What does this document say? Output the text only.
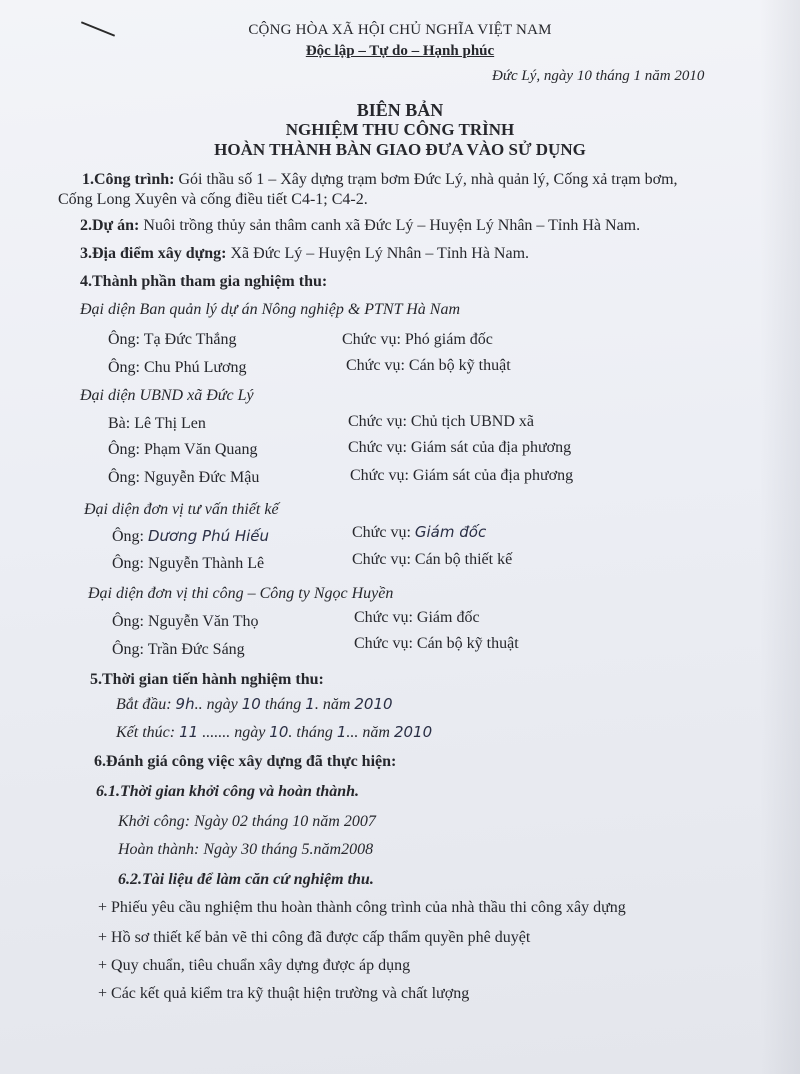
CỘNG HÒA XÃ HỘI CHỦ NGHĨA VIỆT NAM
Độc lập – Tự do – Hạnh phúc
Đức Lý, ngày 10 tháng 1 năm 2010
BIÊN BẢN
NGHIỆM THU CÔNG TRÌNH
HOÀN THÀNH BÀN GIAO ĐƯA VÀO SỬ DỤNG
1.Công trình: Gói thầu số 1 – Xây dựng trạm bơm Đức Lý, nhà quản lý, Cống xả trạm bơm,
Cống Long Xuyên và cống điều tiết C4-1; C4-2.
2.Dự án: Nuôi trồng thủy sản thâm canh xã Đức Lý – Huyện Lý Nhân – Tỉnh Hà Nam.
3.Địa điểm xây dựng: Xã Đức Lý – Huyện Lý Nhân – Tỉnh Hà Nam.
4.Thành phần tham gia nghiệm thu:
Đại diện Ban quản lý dự án Nông nghiệp & PTNT Hà Nam
Ông: Tạ Đức Thắng	Chức vụ: Phó giám đốc
Ông: Chu Phú Lương	Chức vụ: Cán bộ kỹ thuật
Đại diện UBND xã Đức Lý
Bà: Lê Thị Len	Chức vụ: Chủ tịch UBND xã
Ông: Phạm Văn Quang	Chức vụ: Giám sát của địa phương
Ông: Nguyễn Đức Mậu	Chức vụ: Giám sát của địa phương
Đại diện đơn vị tư vấn thiết kế
Ông: Dương Phú Hiếu	Chức vụ: Giám đốc
Ông: Nguyễn Thành Lê	Chức vụ: Cán bộ thiết kế
Đại diện đơn vị thi công – Công ty Ngọc Huyền
Ông: Nguyễn Văn Thọ	Chức vụ: Giám đốc
Ông: Trần Đức Sáng	Chức vụ: Cán bộ kỹ thuật
5.Thời gian tiến hành nghiệm thu:
Bắt đầu: 9h.. ngày 10 tháng 1. năm 2010
Kết thúc: 11 ....... ngày 10. tháng 1... năm 2010
6.Đánh giá công việc xây dựng đã thực hiện:
6.1.Thời gian khởi công và hoàn thành.
Khởi công: Ngày 02 tháng 10 năm 2007
Hoàn thành: Ngày 30 tháng 5.năm2008
6.2.Tài liệu để làm căn cứ nghiệm thu.
+ Phiếu yêu cầu nghiệm thu hoàn thành công trình của nhà thầu thi công xây dựng
+ Hồ sơ thiết kế bản vẽ thi công đã được cấp thẩm quyền phê duyệt
+ Quy chuẩn, tiêu chuẩn xây dựng được áp dụng
+ Các kết quả kiểm tra kỹ thuật hiện trường và chất lượng
